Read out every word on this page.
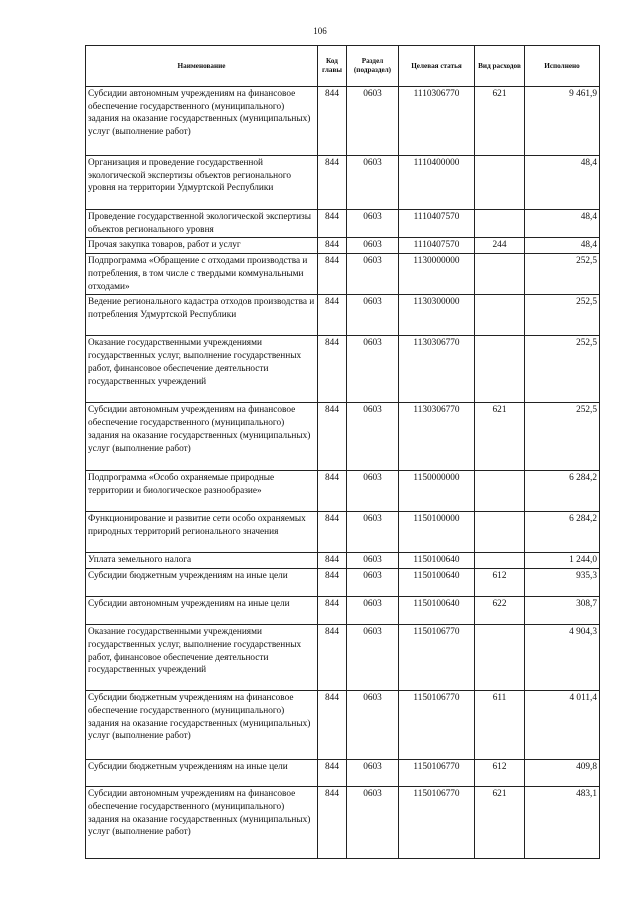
106
Наименование	Код главы	Раздел (подраздел)	Целевая статья	Вид расходов	Исполнено
Субсидии автономным учреждениям на финансовое обеспечение государственного (муниципального) задания на оказание государственных (муниципальных) услуг (выполнение работ)	844	0603	1110306770	621	9 461,9
Организация и проведение государственной экологической экспертизы объектов регионального уровня на территории Удмуртской Республики	844	0603	1110400000		48,4
Проведение государственной экологической экспертизы объектов регионального уровня	844	0603	1110407570		48,4
Прочая закупка товаров, работ и услуг	844	0603	1110407570	244	48,4
Подпрограмма «Обращение с отходами производства и потребления, в том числе с твердыми коммунальными отходами»	844	0603	1130000000		252,5
Ведение регионального кадастра отходов производства и потребления Удмуртской Республики	844	0603	1130300000		252,5
Оказание государственными учреждениями государственных услуг, выполнение государственных работ, финансовое обеспечение деятельности государственных учреждений	844	0603	1130306770		252,5
Субсидии автономным учреждениям на финансовое обеспечение государственного (муниципального) задания на оказание государственных (муниципальных) услуг (выполнение работ)	844	0603	1130306770	621	252,5
Подпрограмма «Особо охраняемые природные территории и биологическое разнообразие»	844	0603	1150000000		6 284,2
Функционирование и развитие сети особо охраняемых природных территорий регионального значения	844	0603	1150100000		6 284,2
Уплата земельного налога	844	0603	1150100640		1 244,0
Субсидии бюджетным учреждениям на иные цели	844	0603	1150100640	612	935,3
Субсидии автономным учреждениям на иные цели	844	0603	1150100640	622	308,7
Оказание государственными учреждениями государственных услуг, выполнение государственных работ, финансовое обеспечение деятельности государственных учреждений	844	0603	1150106770		4 904,3
Субсидии бюджетным учреждениям на финансовое обеспечение государственного (муниципального) задания на оказание государственных (муниципальных) услуг (выполнение работ)	844	0603	1150106770	611	4 011,4
Субсидии бюджетным учреждениям на иные цели	844	0603	1150106770	612	409,8
Субсидии автономным учреждениям на финансовое обеспечение государственного (муниципального) задания на оказание государственных (муниципальных) услуг (выполнение работ)	844	0603	1150106770	621	483,1
